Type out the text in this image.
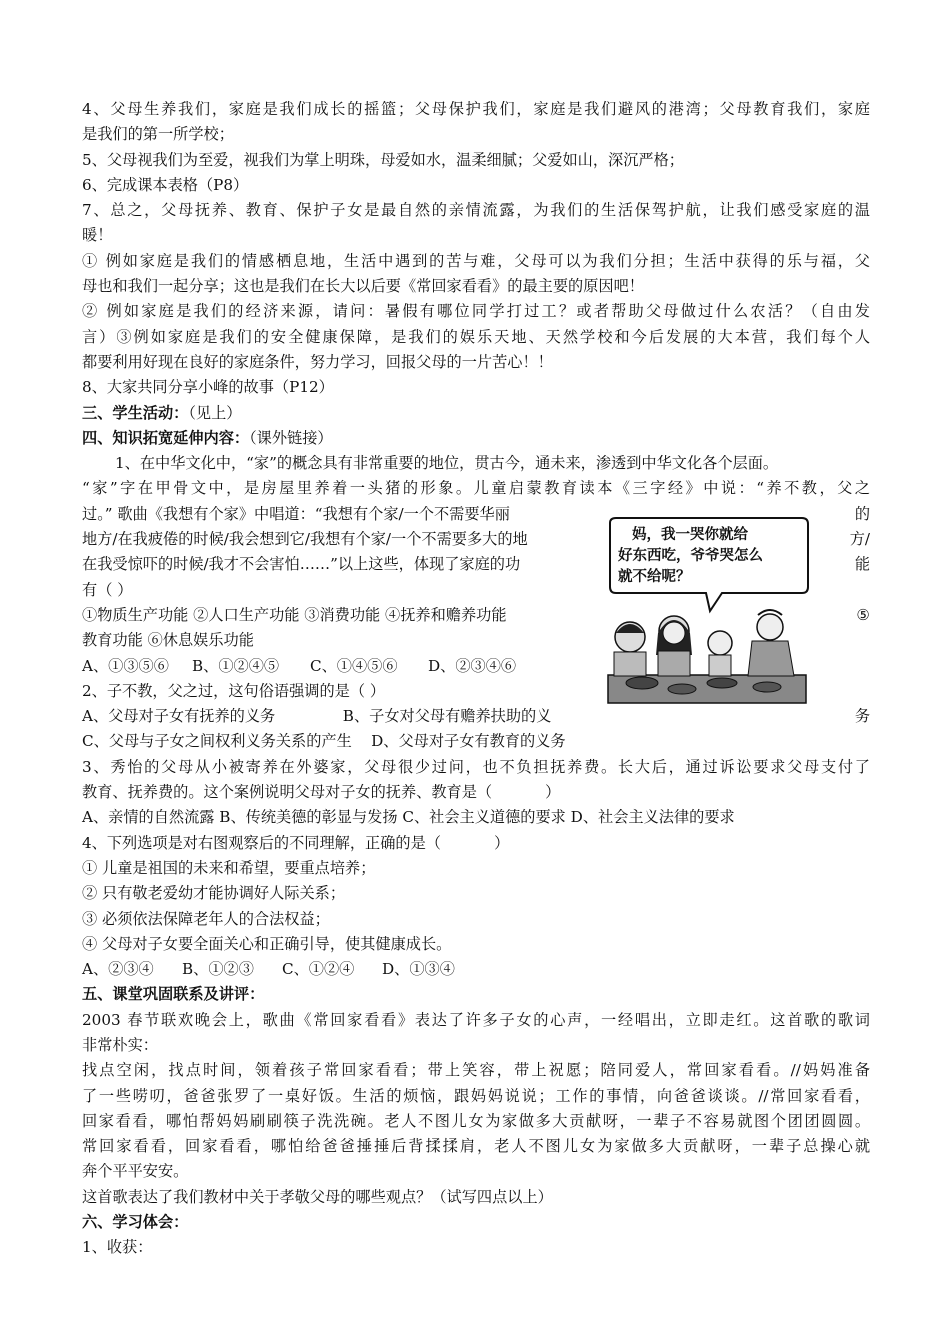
4、父母生养我们，家庭是我们成长的摇篮；父母保护我们，家庭是我们避风的港湾；父母教育我们，家庭
是我们的第一所学校；
5、父母视我们为至爱，视我们为掌上明珠，母爱如水，温柔细腻；父爱如山，深沉严格；
6、完成课本表格（P8）
7、总之，父母抚养、教育、保护子女是最自然的亲情流露，为我们的生活保驾护航，让我们感受家庭的温
暖！
① 例如家庭是我们的情感栖息地，生活中遇到的苦与难，父母可以为我们分担；生活中获得的乐与福，父
母也和我们一起分享；这也是我们在长大以后要《常回家看看》的最主要的原因吧！
② 例如家庭是我们的经济来源，请问：暑假有哪位同学打过工？或者帮助父母做过什么农活？（自由发
言）③例如家庭是我们的安全健康保障，是我们的娱乐天地、天然学校和今后发展的大本营，我们每个人
都要利用好现在良好的家庭条件，努力学习，回报父母的一片苦心！！
8、大家共同分享小峰的故事（P12）
三、学生活动：（见上）
四、知识拓宽延伸内容：（课外链接）
1、在中华文化中，“家”的概念具有非常重要的地位，贯古今，通未来，渗透到中华文化各个层面。
“家”字在甲骨文中，是房屋里养着一头猪的形象。儿童启蒙教育读本《三字经》中说：“养不教，父之
过。” 歌曲《我想有个家》中唱道：“我想有个家/一个不需要华丽	的
地方/在我疲倦的时候/我会想到它/我想有个家/一个不需要多大的地	方/
在我受惊吓的时候/我才不会害怕……”以上这些，体现了家庭的功	能
有（ ）
①物质生产功能 ②人口生产功能 ③消费功能 ④抚养和赡养功能	⑤
教育功能 ⑥休息娱乐功能
A、①③⑤⑥ B、①②④⑤ C、①④⑤⑥ D、②③④⑥
2、子不教，父之过，这句俗语强调的是（ ）
A、父母对子女有抚养的义务              B、子女对父母有赡养扶助的义	务
C、父母与子女之间权利义务关系的产生    D、父母对子女有教育的义务
3、秀怡的父母从小被寄养在外婆家，父母很少过问，也不负担抚养费。长大后，通过诉讼要求父母支付了
教育、抚养费的。这个案例说明父母对子女的抚养、教育是（           ）
A、亲情的自然流露 B、传统美德的彰显与发扬 C、社会主义道德的要求 D、社会主义法律的要求
4、下列选项是对右图观察后的不同理解，正确的是（           ）
① 儿童是祖国的未来和希望，要重点培养；
② 只有敬老爱幼才能协调好人际关系；
③ 必须依法保障老年人的合法权益；
④ 父母对子女要全面关心和正确引导，使其健康成长。
A、②③④ B、①②③ C、①②④ D、①③④
五、课堂巩固联系及讲评：
2003 春节联欢晚会上，歌曲《常回家看看》表达了许多子女的心声，一经唱出，立即走红。这首歌的歌词
非常朴实：
找点空闲，找点时间，领着孩子常回家看看；带上笑容，带上祝愿；陪同爱人，常回家看看。//妈妈准备
了一些唠叨，爸爸张罗了一桌好饭。生活的烦恼，跟妈妈说说；工作的事情，向爸爸谈谈。//常回家看看，
回家看看，哪怕帮妈妈刷刷筷子洗洗碗。老人不图儿女为家做多大贡献呀，一辈子不容易就图个团团圆圆。
常回家看看，回家看看，哪怕给爸爸捶捶后背揉揉肩，老人不图儿女为家做多大贡献呀，一辈子总操心就
奔个平平安安。
这首歌表达了我们教材中关于孝敬父母的哪些观点？（试写四点以上）
六、学习体会：
1、收获：
妈，我一哭你就给
好东西吃，爷爷哭怎么
就不给呢？
